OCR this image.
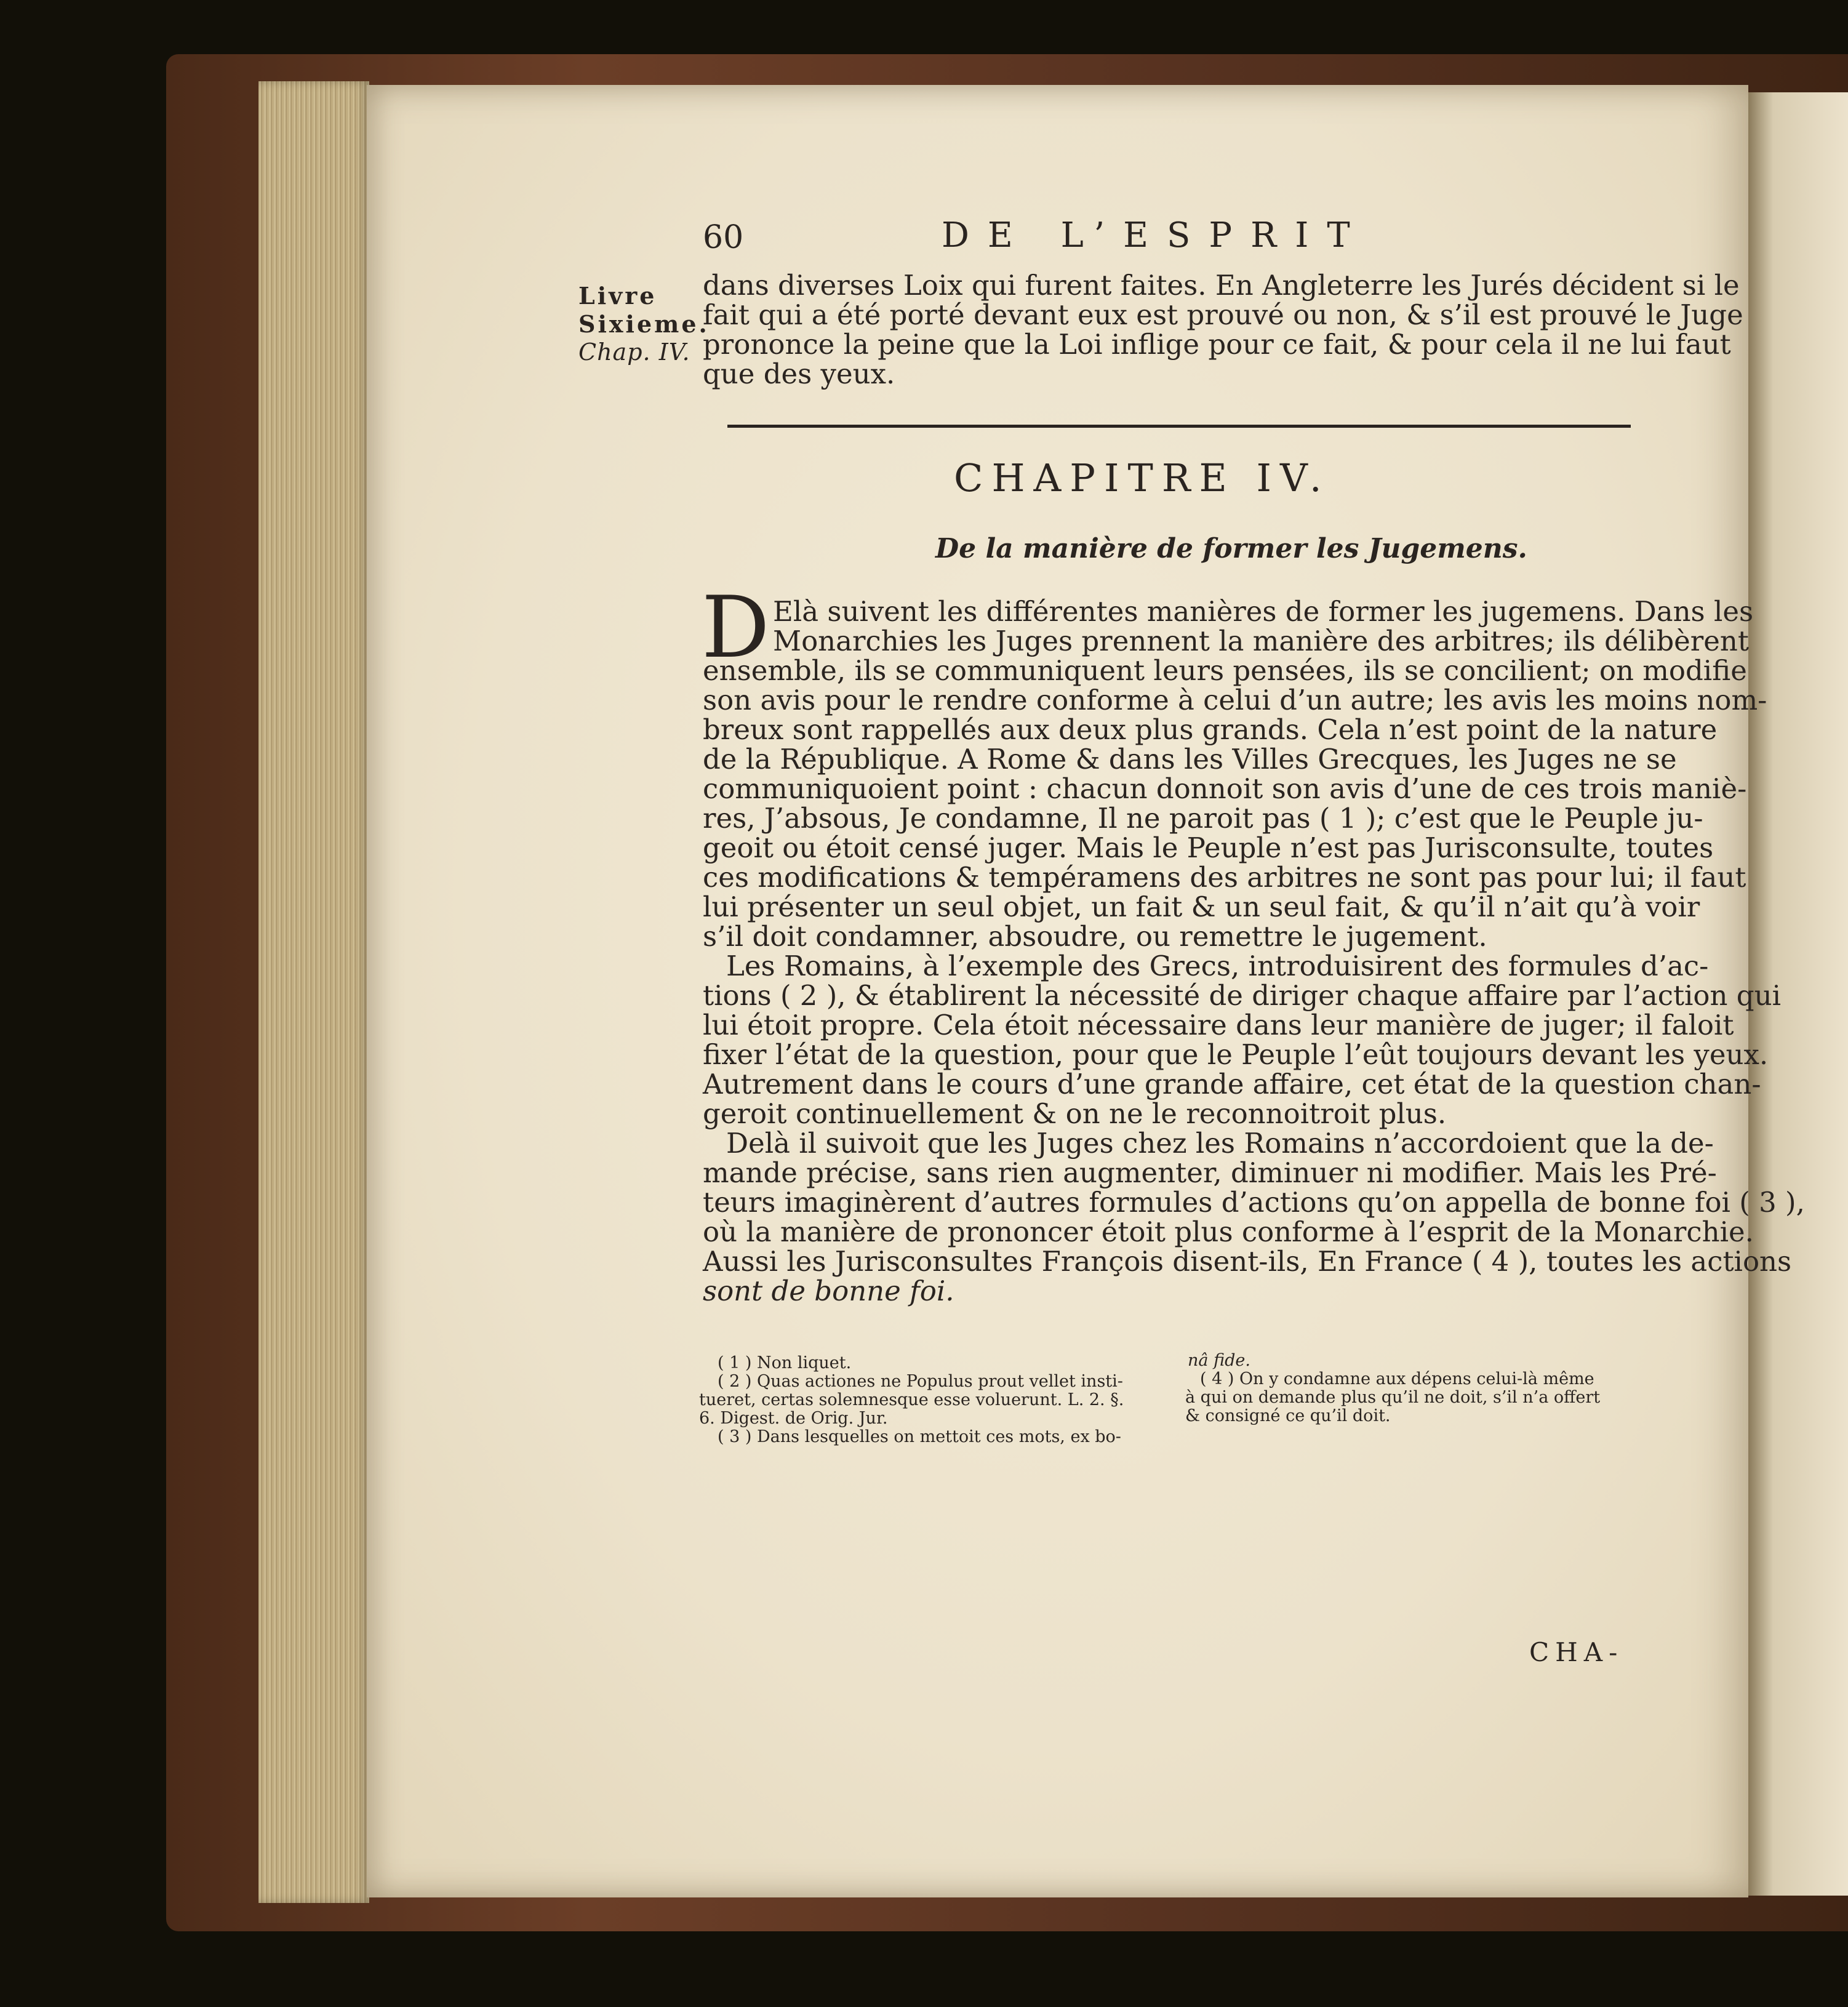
60	DE L’ESPRIT
Livre
Sixieme.
Chap. IV.
dans diverses Loix qui furent faites. En Angleterre les Jurés décident si le
fait qui a été porté devant eux est prouvé ou non, & s’il est prouvé le Juge
prononce la peine que la Loi inflige pour ce fait, & pour cela il ne lui faut
que des yeux.
CHAPITRE IV.
De la manière de former les Jugemens.
D Elà suivent les différentes manières de former les jugemens. Dans les
Monarchies les Juges prennent la manière des arbitres; ils délibèrent
ensemble, ils se communiquent leurs pensées, ils se concilient; on modifie
son avis pour le rendre conforme à celui d’un autre; les avis les moins nom-
breux sont rappellés aux deux plus grands. Cela n’est point de la nature
de la République. A Rome & dans les Villes Grecques, les Juges ne se
communiquoient point : chacun donnoit son avis d’une de ces trois maniè-
res, J’absous, Je condamne, Il ne paroit pas ( 1 ); c’est que le Peuple ju-
geoit ou étoit censé juger. Mais le Peuple n’est pas Jurisconsulte, toutes
ces modifications & tempéramens des arbitres ne sont pas pour lui; il faut
lui présenter un seul objet, un fait & un seul fait, & qu’il n’ait qu’à voir
s’il doit condamner, absoudre, ou remettre le jugement.
Les Romains, à l’exemple des Grecs, introduisirent des formules d’ac-
tions ( 2 ), & établirent la nécessité de diriger chaque affaire par l’action qui
lui étoit propre. Cela étoit nécessaire dans leur manière de juger; il faloit
fixer l’état de la question, pour que le Peuple l’eût toujours devant les yeux.
Autrement dans le cours d’une grande affaire, cet état de la question chan-
geroit continuellement & on ne le reconnoitroit plus.
Delà il suivoit que les Juges chez les Romains n’accordoient que la de-
mande précise, sans rien augmenter, diminuer ni modifier. Mais les Pré-
teurs imaginèrent d’autres formules d’actions qu’on appella de bonne foi ( 3 ),
où la manière de prononcer étoit plus conforme à l’esprit de la Monarchie.
Aussi les Jurisconsultes François disent-ils, En France ( 4 ), toutes les actions
sont de bonne foi.
( 1 ) Non liquet.
( 2 ) Quas actiones ne Populus prout vellet insti-
tueret, certas solemnesque esse voluerunt. L. 2. §.
6. Digest. de Orig. Jur.
( 3 ) Dans lesquelles on mettoit ces mots, ex bo-
nâ fide.
( 4 ) On y condamne aux dépens celui-là même
à qui on demande plus qu’il ne doit, s’il n’a offert
& consigné ce qu’il doit.
CHA-
